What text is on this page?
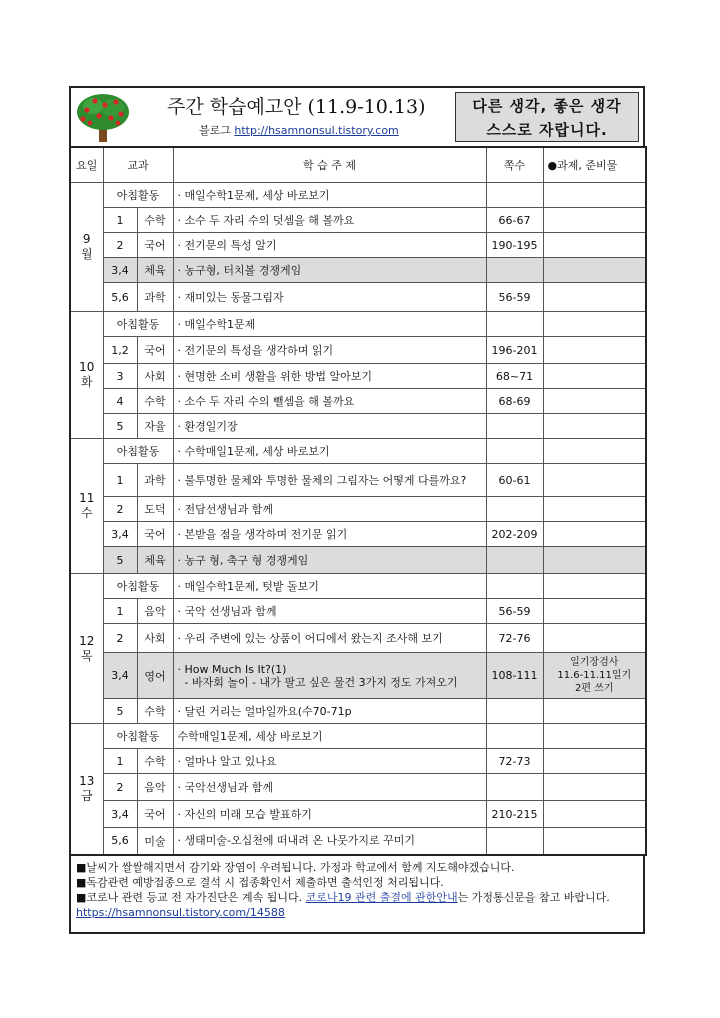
주간 학습예고안 (11.9-10.13)
블로그 http://hsamnonsul.tistory.com
다른 생각, 좋은 생각
스스로 자랍니다.
요일	교과		학 습 주 제	쪽수	●과제, 준비물

9
월	아침활동		· 매일수학1문제, 세상 바로보기		
	1	수학	· 소수 두 자리 수의 덧셈을 해 볼까요	66-67	
	2	국어	· 전기문의 특성 알기	190-195	
	3,4	체육	· 농구형, 터치볼 경쟁게임		
	5,6	과학	· 재미있는 동물그림자	56-59	

10
화	아침활동		· 매일수학1문제		
	1,2	국어	· 전기문의 특성을 생각하며 읽기	196-201	
	3	사회	· 현명한 소비 생활을 위한 방법 알아보기	68~71	
	4	수학	· 소수 두 자리 수의 뺄셈을 해 볼까요	68-69	
	5	자율	· 환경일기장		

11
수	아침활동		· 수학매일1문제, 세상 바로보기		
	1	과학	· 불투명한 물체와 투명한 물체의 그림자는 어떻게 다를까요?	60-61	
	2	도덕	· 전담선생님과 함께		
	3,4	국어	· 본받을 점을 생각하며 전기문 읽기	202-209	
	5	체육	· 농구 형, 축구 형 경쟁게임		

12
목	아침활동		· 매일수학1문제, 텃밭 돌보기		
	1	음악	· 국악 선생님과 함께	56-59	
	2	사회	· 우리 주변에 있는 상품이 어디에서 왔는지 조사해 보기	72-76	
	3,4	영어	· How Much Is It?(1)
- 바자회 놀이 - 내가 팔고 싶은 물건 3가지 정도 가져오기	108-111	일기장검사
11.6-11.11일기
2편 쓰기
	5	수학	· 달린 거리는 얼마일까요(수70-71p		

13
금	아침활동		수학매일1문제, 세상 바로보기		
	1	수학	· 얼마나 알고 있나요	72-73	
	2	음악	· 국악선생님과 함께		
	3,4	국어	· 자신의 미래 모습 발표하기	210-215	
	5,6	미술	· 생태미술-오십천에 떠내려 온 나뭇가지로 꾸미기		
■날씨가 쌀쌀해지면서 감기와 장염이 우려됩니다. 가정과 학교에서 함께 지도해야겠습니다.
■독감관련 예방접종으로 결석 시 접종확인서 제출하면 출석인정 처리됩니다.
■코로나 관련 등교 전 자가진단은 계속 됩니다. 코로나19 관련 출결에 관한안내는 가정통신문을 참고 바랍니다. https://hsamnonsul.tistory.com/14588
